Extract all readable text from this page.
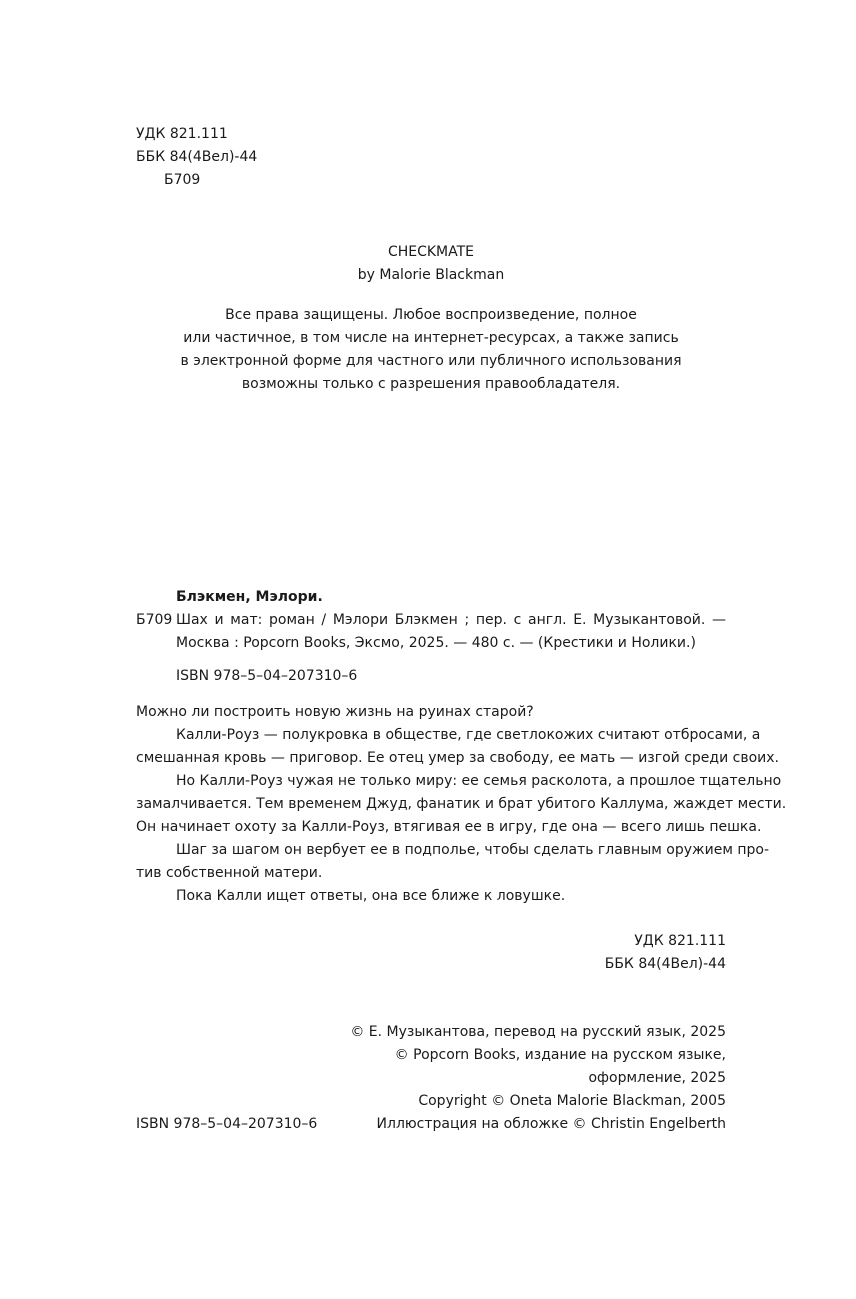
УДК 821.111
ББК 84(4Вел)-44
Б709
CHECKMATE
by Malorie Blackman
Все права защищены. Любое воспроизведение, полное
или частичное, в том числе на интернет-ресурсах, а также запись
в электронной форме для частного или публичного использования
возможны только с разрешения правообладателя.
Блэкмен, Мэлори.
Б709 Шах и мат: роман / Мэлори Блэкмен ; пер. с англ. Е. Музыкантовой. —
Москва : Popcorn Books, Эксмо, 2025. — 480 с. — (Крестики и Нолики.)
ISBN 978–5–04–207310–6
Можно ли построить новую жизнь на руинах старой?
Калли-Роуз — полукровка в обществе, где светлокожих считают отбросами, а
смешанная кровь — приговор. Ее отец умер за свободу, ее мать — изгой среди своих.
Но Калли-Роуз чужая не только миру: ее семья расколота, а прошлое тщательно
замалчивается. Тем временем Джуд, фанатик и брат убитого Каллума, жаждет мести.
Он начинает охоту за Калли-Роуз, втягивая ее в игру, где она — всего лишь пешка.
Шаг за шагом он вербует ее в подполье, чтобы сделать главным оружием про-
тив собственной матери.
Пока Калли ищет ответы, она все ближе к ловушке.
УДК 821.111
ББК 84(4Вел)-44
© Е. Музыкантова, перевод на русский язык, 2025
© Popcorn Books, издание на русском языке,
оформление, 2025
Copyright © Oneta Malorie Blackman, 2005
Иллюстрация на обложке © Christin Engelberth
ISBN 978–5–04–207310–6
